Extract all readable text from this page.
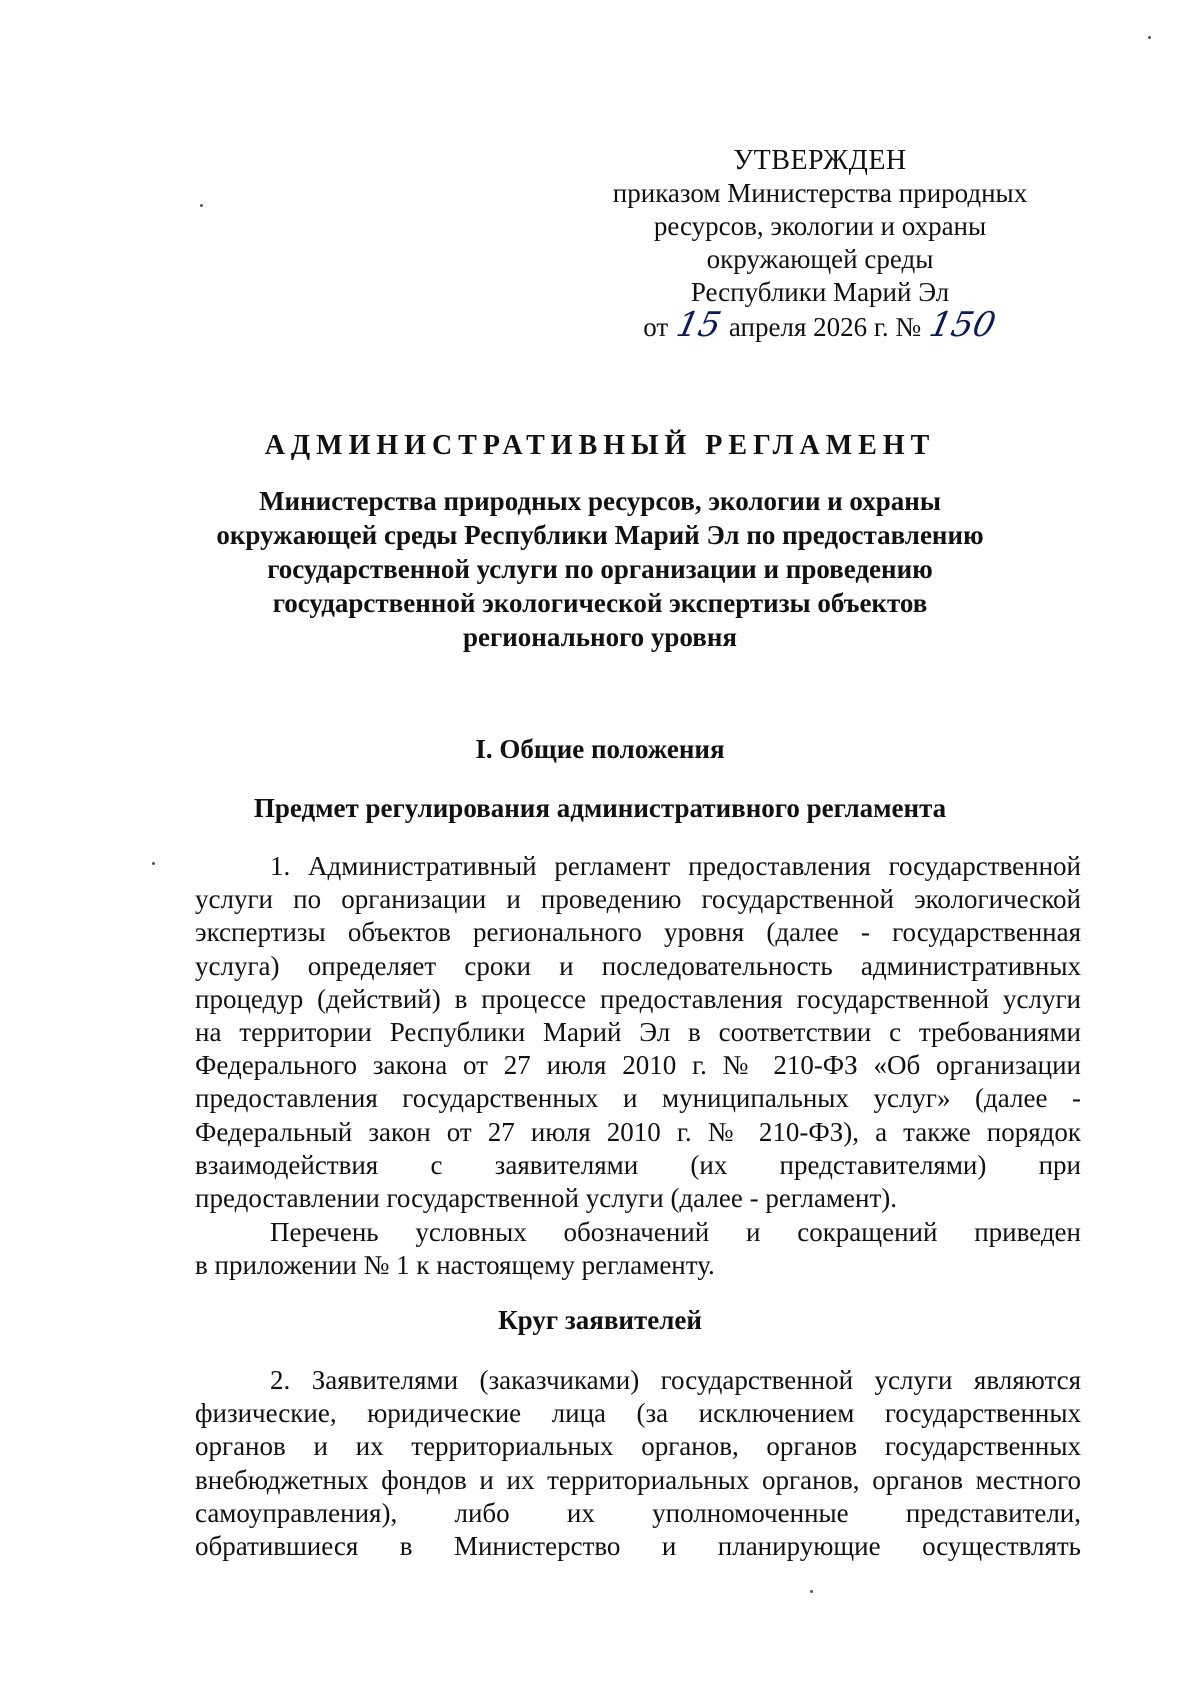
УТВЕРЖДЕН
приказом Министерства природных
ресурсов, экологии и охраны
окружающей среды
Республики Марий Эл
от 15 апреля 2026 г. № 150
АДМИНИСТРАТИВНЫЙ РЕГЛАМЕНТ
Министерства природных ресурсов, экологии и охраны
окружающей среды Республики Марий Эл по предоставлению
государственной услуги по организации и проведению
государственной экологической экспертизы объектов
регионального уровня
I. Общие положения
Предмет регулирования административного регламента
1. Административный регламент предоставления государственной
услуги по организации и проведению государственной экологической
экспертизы объектов регионального уровня (далее - государственная
услуга) определяет сроки и последовательность административных
процедур (действий) в процессе предоставления государственной услуги
на территории Республики Марий Эл в соответствии с требованиями
Федерального закона от 27 июля 2010 г. № 210-ФЗ «Об организации
предоставления государственных и муниципальных услуг» (далее -
Федеральный закон от 27 июля 2010 г. № 210-ФЗ), а также порядок
взаимодействия с заявителями (их представителями) при
предоставлении государственной услуги (далее - регламент).
Перечень условных обозначений и сокращений приведен
в приложении № 1 к настоящему регламенту.
Круг заявителей
2. Заявителями (заказчиками) государственной услуги являются
физические, юридические лица (за исключением государственных
органов и их территориальных органов, органов государственных
внебюджетных фондов и их территориальных органов, органов местного
самоуправления), либо их уполномоченные представители,
обратившиеся в Министерство и планирующие осуществлять
